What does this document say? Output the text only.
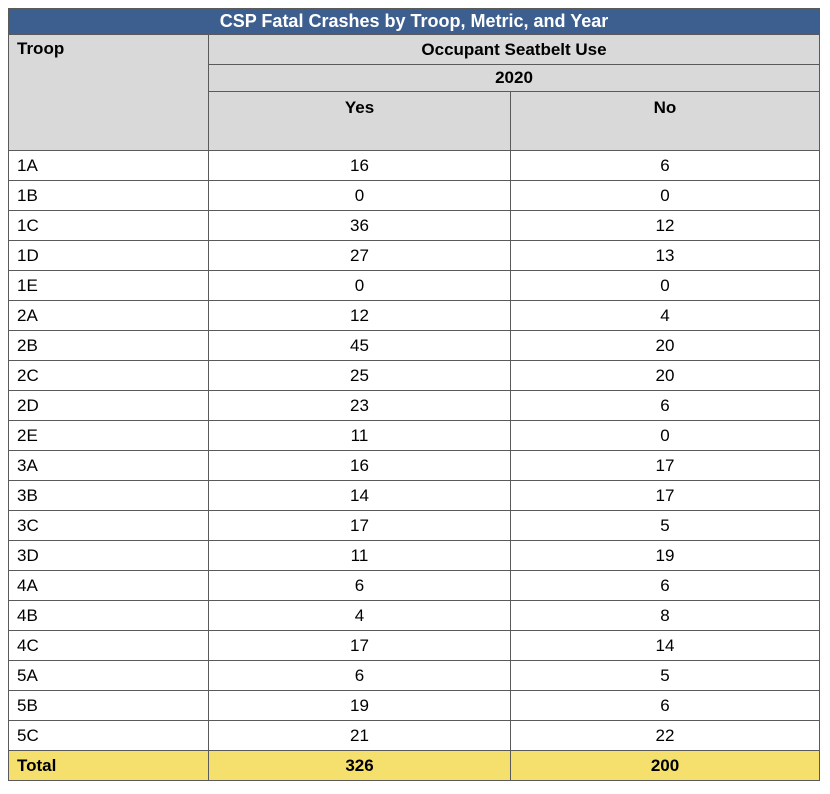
CSP Fatal Crashes by Troop, Metric, and Year		
Troop	Occupant Seatbelt Use	
	2020	
	Yes	No
1A	16	6
1B	0	0
1C	36	12
1D	27	13
1E	0	0
2A	12	4
2B	45	20
2C	25	20
2D	23	6
2E	11	0
3A	16	17
3B	14	17
3C	17	5
3D	11	19
4A	6	6
4B	4	8
4C	17	14
5A	6	5
5B	19	6
5C	21	22
Total	326	200
